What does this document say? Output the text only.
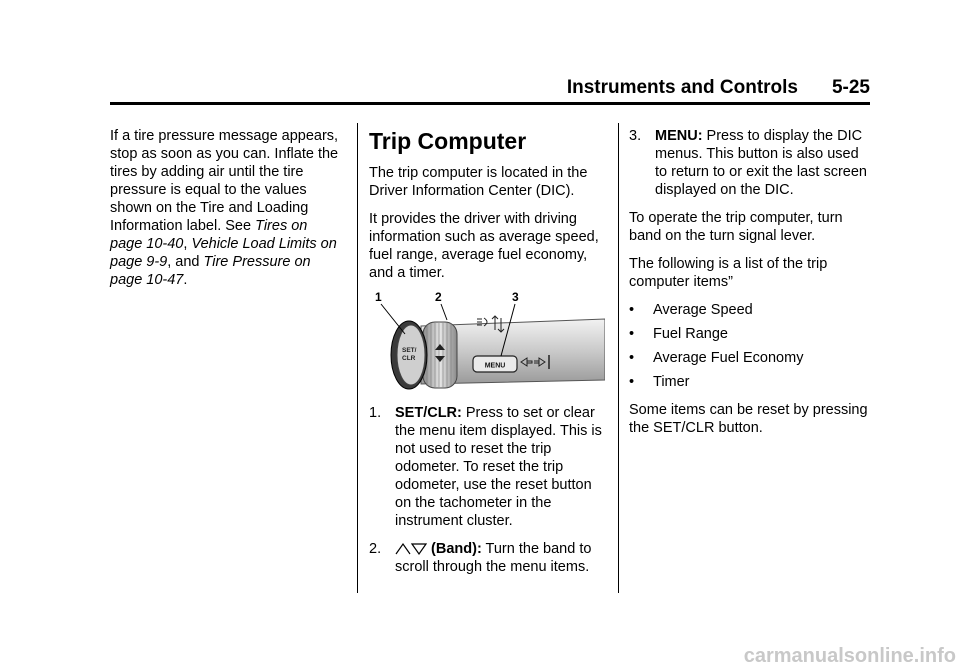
Instruments and Controls 5-25

If a tire pressure message appears, stop as soon as you can. Inflate the tires by adding air until the tire pressure is equal to the values shown on the Tire and Loading Information label. See Tires on page 10-40, Vehicle Load Limits on page 9-9, and Tire Pressure on page 10-47.

Trip Computer

The trip computer is located in the Driver Information Center (DIC).

It provides the driver with driving information such as average speed, fuel range, average fuel economy, and a timer.

SET/
CLR
MENU
1	2	3
1. SET/CLR: Press to set or clear the menu item displayed. This is not used to reset the trip odometer. To reset the trip odometer, use the reset button on the tachometer in the instrument cluster.
2.	(Band): Turn the band to scroll through the menu items.
3. MENU: Press to display the DIC menus. This button is also used to return to or exit the last screen displayed on the DIC.

To operate the trip computer, turn band on the turn signal lever.

The following is a list of the trip computer items”

• Average Speed
• Fuel Range
• Average Fuel Economy
• Timer

Some items can be reset by pressing the SET/CLR button.

carmanualsonline.info
